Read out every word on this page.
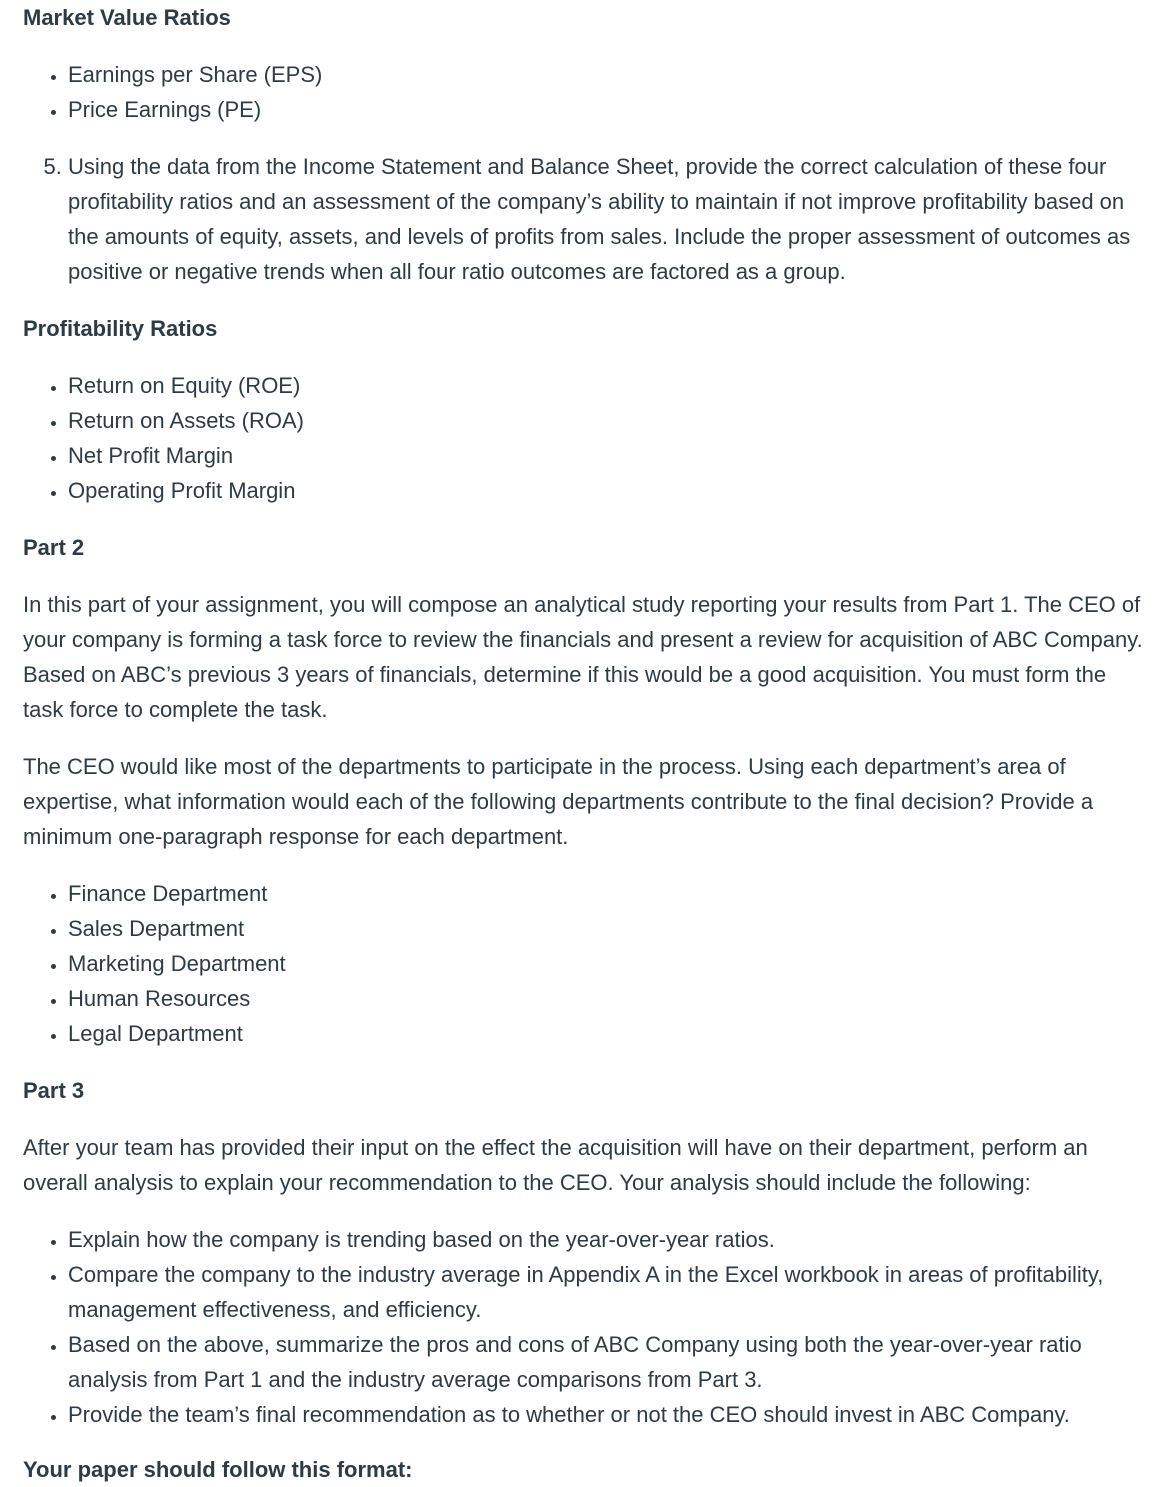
Market Value Ratios
• Earnings per Share (EPS)
• Price Earnings (PE)
5. Using the data from the Income Statement and Balance Sheet, provide the correct calculation of these four profitability ratios and an assessment of the company’s ability to maintain if not improve profitability based on the amounts of equity, assets, and levels of profits from sales. Include the proper assessment of outcomes as positive or negative trends when all four ratio outcomes are factored as a group.
Profitability Ratios
• Return on Equity (ROE)
• Return on Assets (ROA)
• Net Profit Margin
• Operating Profit Margin
Part 2

In this part of your assignment, you will compose an analytical study reporting your results from Part 1. The CEO of your company is forming a task force to review the financials and present a review for acquisition of ABC Company. Based on ABC’s previous 3 years of financials, determine if this would be a good acquisition. You must form the task force to complete the task.

The CEO would like most of the departments to participate in the process. Using each department’s area of expertise, what information would each of the following departments contribute to the final decision? Provide a minimum one-paragraph response for each department.

• Finance Department
• Sales Department
• Marketing Department
• Human Resources
• Legal Department
Part 3

After your team has provided their input on the effect the acquisition will have on their department, perform an overall analysis to explain your recommendation to the CEO. Your analysis should include the following:

• Explain how the company is trending based on the year-over-year ratios.
• Compare the company to the industry average in Appendix A in the Excel workbook in areas of profitability, management effectiveness, and efficiency.
• Based on the above, summarize the pros and cons of ABC Company using both the year-over-year ratio analysis from Part 1 and the industry average comparisons from Part 3.
• Provide the team’s final recommendation as to whether or not the CEO should invest in ABC Company.
Your paper should follow this format:
